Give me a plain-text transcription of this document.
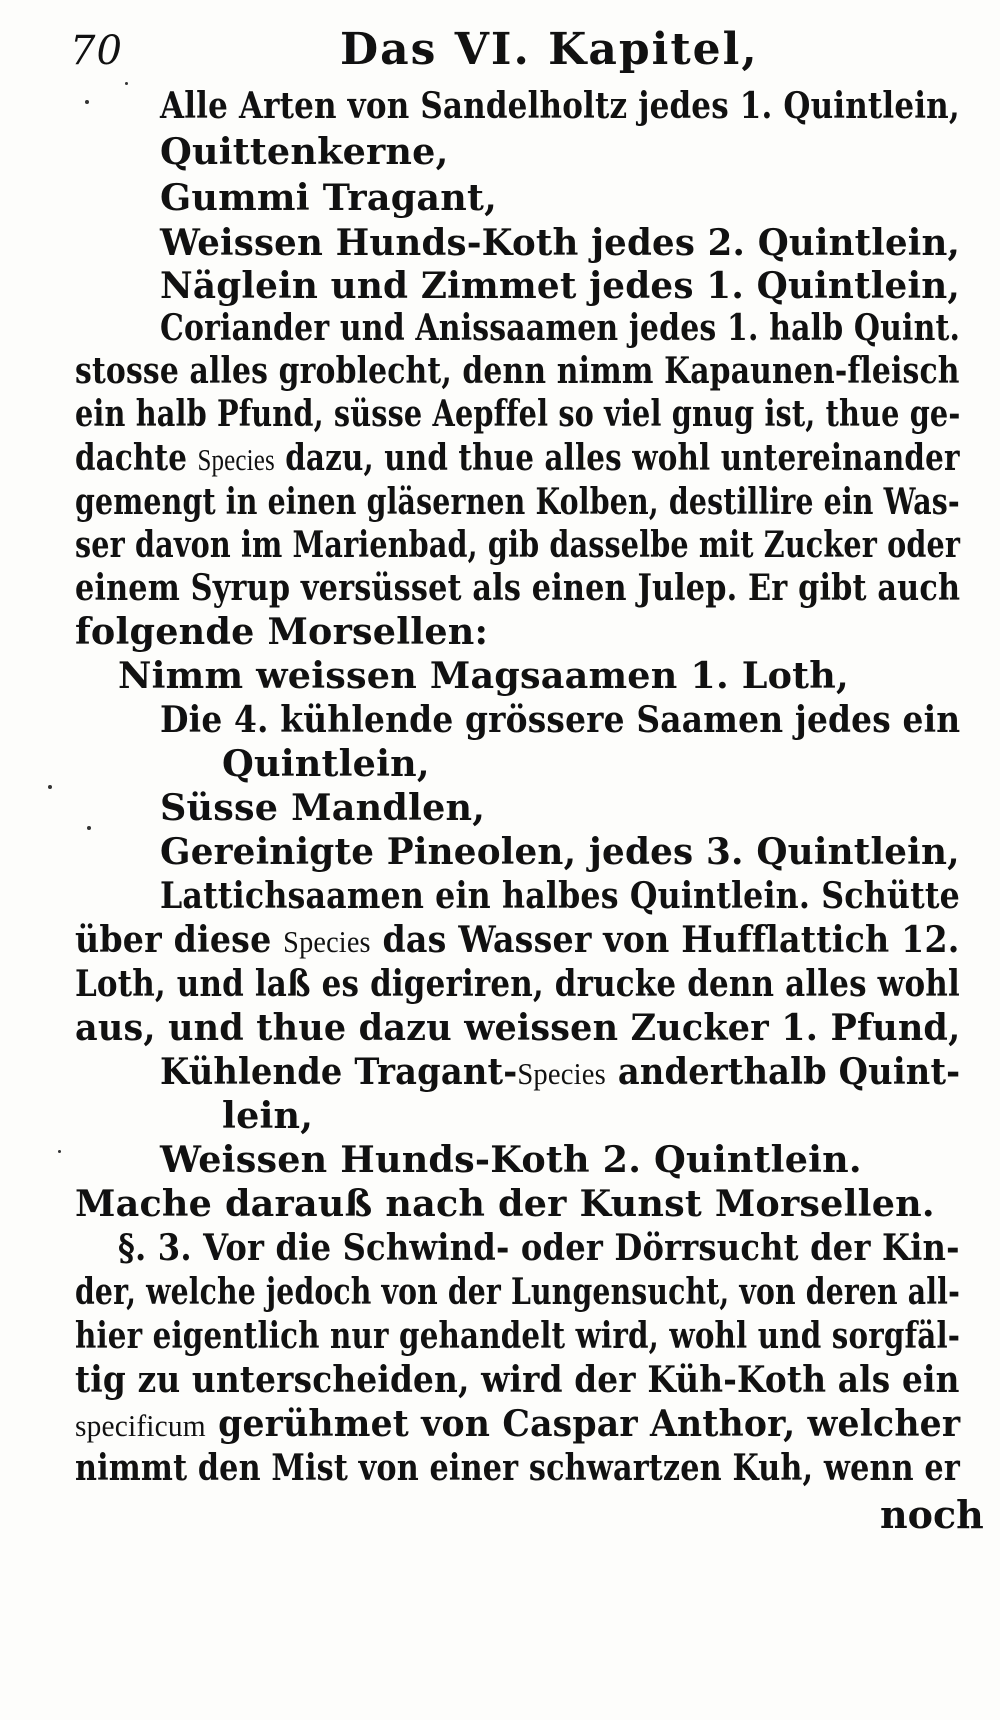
70	Das VI. Kapitel,
Alle Arten von Sandelholtz jedes 1. Quintlein,
Quittenkerne,
Gummi Tragant,
Weissen Hunds-Koth jedes 2. Quintlein,
Näglein und Zimmet jedes 1. Quintlein,
Coriander und Anissaamen jedes 1. halb Quint.
stosse alles groblecht, denn nimm Kapaunen-fleisch
ein halb Pfund, süsse Aepffel so viel gnug ist, thue ge-
dachte Species dazu, und thue alles wohl untereinander
gemengt in einen gläsernen Kolben, destillire ein Was-
ser davon im Marienbad, gib dasselbe mit Zucker oder
einem Syrup versüsset als einen Julep. Er gibt auch
folgende Morsellen:
Nimm weissen Magsaamen 1. Loth,
Die 4. kühlende grössere Saamen jedes ein
Quintlein,
Süsse Mandlen,
Gereinigte Pineolen, jedes 3. Quintlein,
Lattichsaamen ein halbes Quintlein. Schütte
über diese Species das Wasser von Hufflattich 12.
Loth, und laß es digeriren, drucke denn alles wohl
aus, und thue dazu weissen Zucker 1. Pfund,
Kühlende Tragant-Species anderthalb Quint-
lein,
Weissen Hunds-Koth 2. Quintlein.
Mache darauß nach der Kunst Morsellen.
§. 3. Vor die Schwind- oder Dörrsucht der Kin-
der, welche jedoch von der Lungensucht, von deren all-
hier eigentlich nur gehandelt wird, wohl und sorgfäl-
tig zu unterscheiden, wird der Küh-Koth als ein
specificum gerühmet von Caspar Anthor, welcher
nimmt den Mist von einer schwartzen Kuh, wenn er
noch
